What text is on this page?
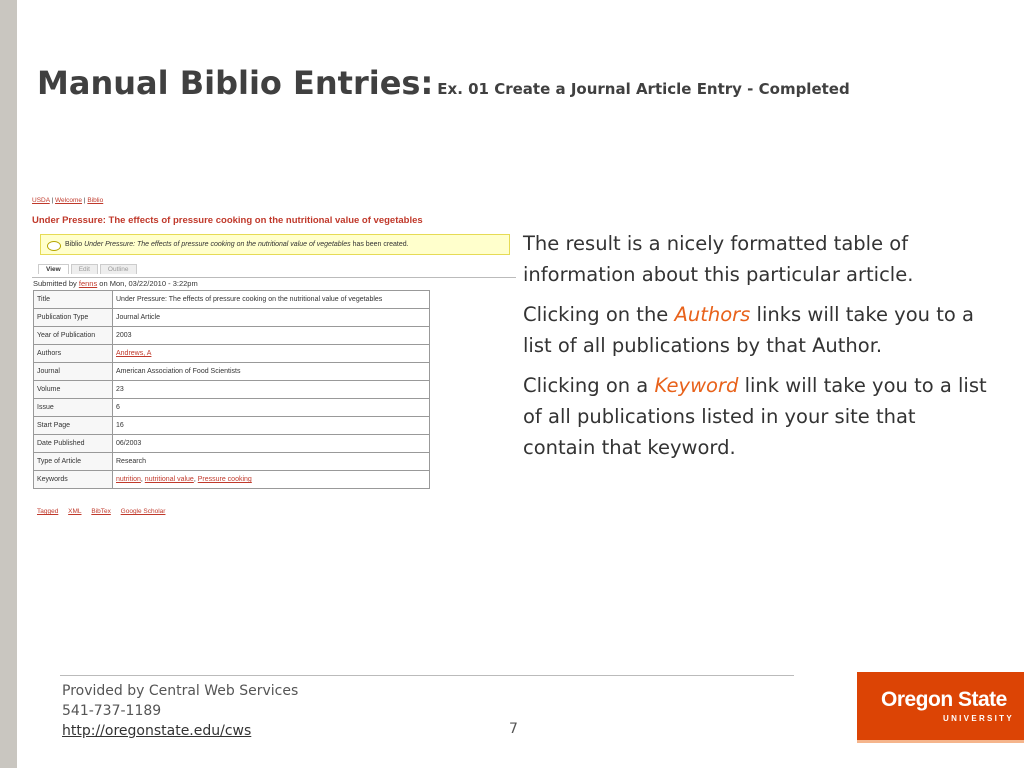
Manual Biblio Entries: Ex. 01 Create a Journal Article Entry - Completed
USDA | Welcome | Biblio
Under Pressure: The effects of pressure cooking on the nutritional value of vegetables
Biblio Under Pressure: The effects of pressure cooking on the nutritional value of vegetables has been created.
View	Edit	Outline
Submitted by fenns on Mon, 03/22/2010 - 3:22pm
Title	Under Pressure: The effects of pressure cooking on the nutritional value of vegetables
Publication Type	Journal Article
Year of Publication	2003
Authors	Andrews, A
Journal	American Association of Food Scientists
Volume	23
Issue	6
Start Page	16
Date Published	06/2003
Type of Article	Research
Keywords	nutrition, nutritional value, Pressure cooking
Tagged XML BibTex Google Scholar

The result is a nicely formatted table of information about this particular article.

Clicking on the Authors links will take you to a list of all publications by that Author.

Clicking on a Keyword link will take you to a list of all publications listed in your site that contain that keyword.

Provided by Central Web Services
541-737-1189
http://oregonstate.edu/cws	7
Oregon State
UNIVERSITY
